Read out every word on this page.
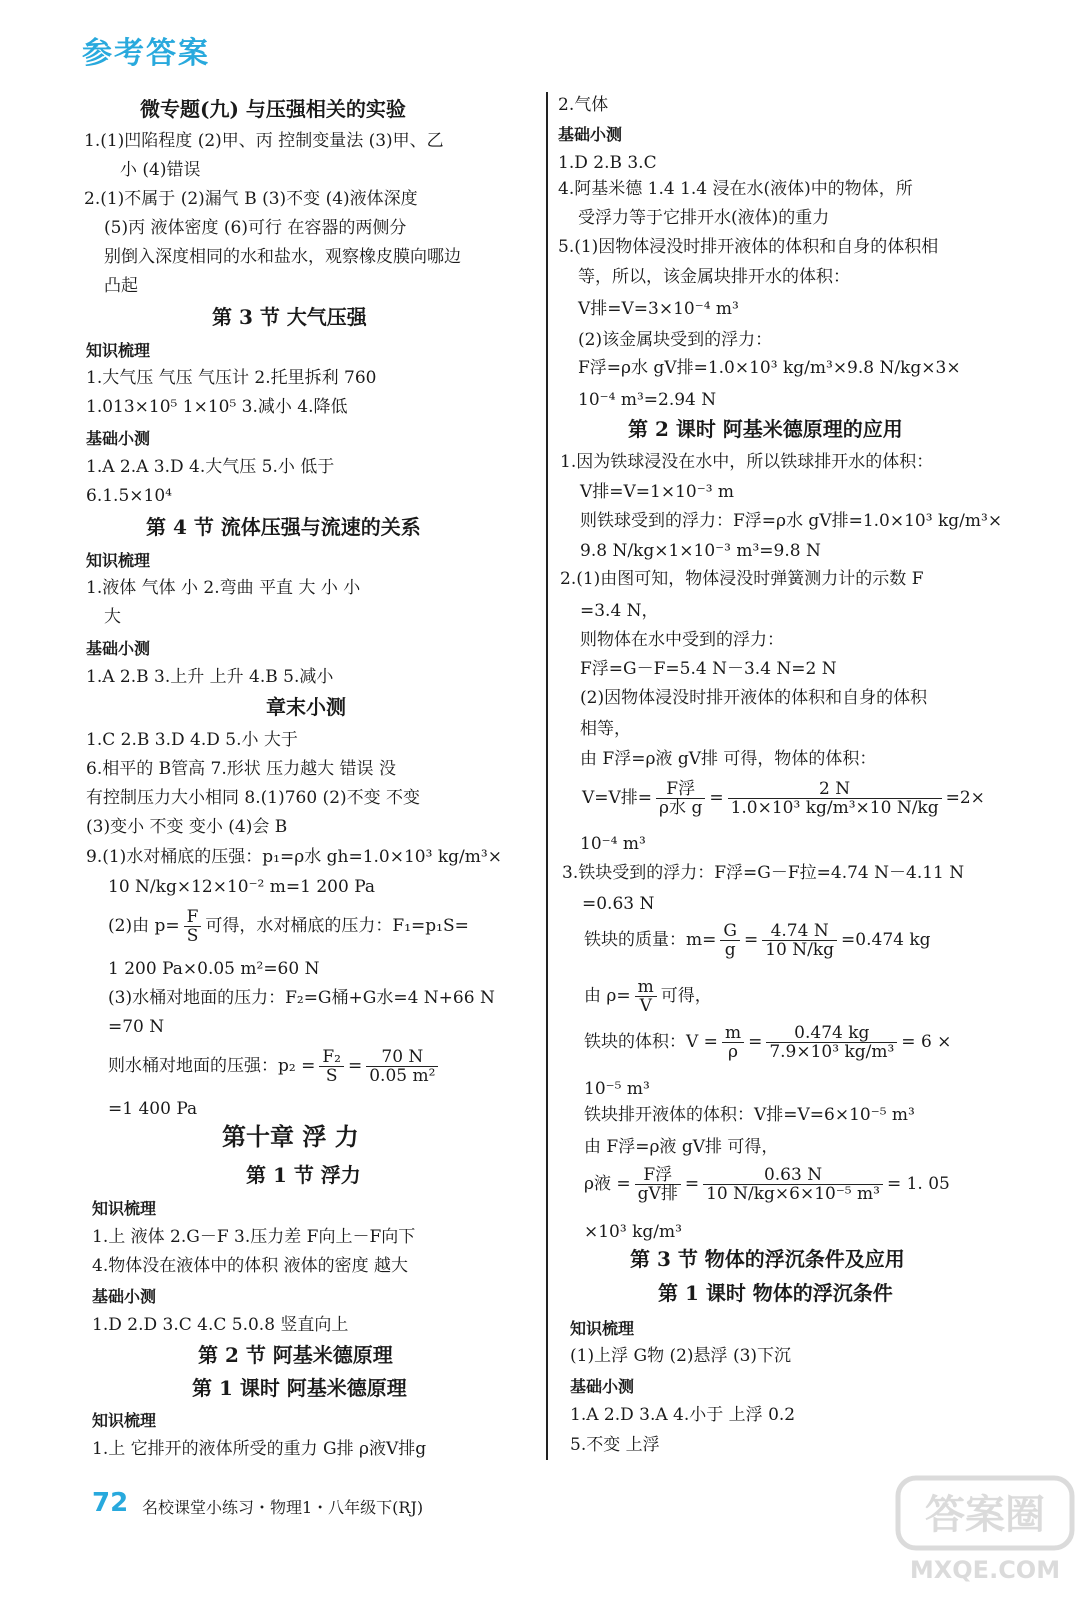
参考答案
微专题(九) 与压强相关的实验
1.(1)凹陷程度 (2)甲、丙 控制变量法 (3)甲、乙
小 (4)错误
2.(1)不属于 (2)漏气 B (3)不变 (4)液体深度
(5)丙 液体密度 (6)可行 在容器的两侧分
别倒入深度相同的水和盐水，观察橡皮膜向哪边
凸起
第 3 节 大气压强
知识梳理
1.大气压 气压 气压计 2.托里拆利 760
1.013×10⁵ 1×10⁵ 3.减小 4.降低
基础小测
1.A 2.A 3.D 4.大气压 5.小 低于
6.1.5×10⁴
第 4 节 流体压强与流速的关系
知识梳理
1.液体 气体 小 2.弯曲 平直 大 小 小
大
基础小测
1.A 2.B 3.上升 上升 4.B 5.减小
章末小测
1.C 2.B 3.D 4.D 5.小 大于
6.相平的 B管高 7.形状 压力越大 错误 没
有控制压力大小相同 8.(1)760 (2)不变 不变
(3)变小 不变 变小 (4)会 B
9.(1)水对桶底的压强：p₁=ρ水 gh=1.0×10³ kg/m³×
10 N/kg×12×10⁻² m=1 200 Pa
1 200 Pa×0.05 m²=60 N
(3)水桶对地面的压力：F₂=G桶+G水=4 N+66 N
=70 N
=1 400 Pa
第十章 浮 力
第 1 节 浮力
知识梳理
1.上 液体 2.G－F 3.压力差 F向上－F向下
4.物体没在液体中的体积 液体的密度 越大
基础小测
1.D 2.D 3.C 4.C 5.0.8 竖直向上
第 2 节 阿基米德原理
第 1 课时 阿基米德原理
知识梳理
1.上 它排开的液体所受的重力 G排 ρ液V排g
2.气体
基础小测
1.D 2.B 3.C
4.阿基米德 1.4 1.4 浸在水(液体)中的物体，所
受浮力等于它排开水(液体)的重力
5.(1)因物体浸没时排开液体的体积和自身的体积相
等，所以，该金属块排开水的体积：
V排=V=3×10⁻⁴ m³
(2)该金属块受到的浮力：
F浮=ρ水 gV排=1.0×10³ kg/m³×9.8 N/kg×3×
10⁻⁴ m³=2.94 N
第 2 课时 阿基米德原理的应用
1.因为铁球浸没在水中，所以铁球排开水的体积：
V排=V=1×10⁻³ m
则铁球受到的浮力：F浮=ρ水 gV排=1.0×10³ kg/m³×
9.8 N/kg×1×10⁻³ m³=9.8 N
2.(1)由图可知，物体浸没时弹簧测力计的示数 F
=3.4 N，
则物体在水中受到的浮力：
F浮=G－F=5.4 N－3.4 N=2 N
(2)因物体浸没时排开液体的体积和自身的体积
相等，
由 F浮=ρ液 gV排 可得，物体的体积：
10⁻⁴ m³
3.铁块受到的浮力：F浮=G－F拉=4.74 N－4.11 N
=0.63 N
10⁻⁵ m³
铁块排开液体的体积：V排=V=6×10⁻⁵ m³
由 F浮=ρ液 gV排 可得，
×10³ kg/m³
第 3 节 物体的浮沉条件及应用
第 1 课时 物体的浮沉条件
知识梳理
(1)上浮 G物 (2)悬浮 (3)下沉
基础小测
1.A 2.D 3.A 4.小于 上浮 0.2
5.不变 上浮
(2)由 $p= \frac{F}{S}$ 可得，水对桶底的压力：F₁=p₁S=
则水桶对地面的压强：$p_2 = \frac{\text{F₂}}{S} = \frac{70 N}{\text{0.05 m²}}$
V=V排= $\frac{\text{F浮}}{\text{ρ水 g}} = \frac{2 N}{\text{1.0×10³ kg/m³×10 N/kg}} =2\times$
铁块的质量：$m= \frac{G}{g} = \frac{4.74 N}{10 N/kg} =0.474$ kg
由 $\rho= \frac{m}{V}$ 可得，
铁块的体积：$V = \frac{m}{\rho} = \frac{0.474 kg}{\text{7.9×10³ kg/m³}} = 6$ ×
ρ液 = $\frac{\text{F浮}}{\text{gV排}} = \frac{0.63 N}{\text{10 N/kg×6×10⁻⁵ m³}} = 1$. 05
72 名校课堂小练习・物理1・八年级下(RJ)	答案圈
MXQE.COM
